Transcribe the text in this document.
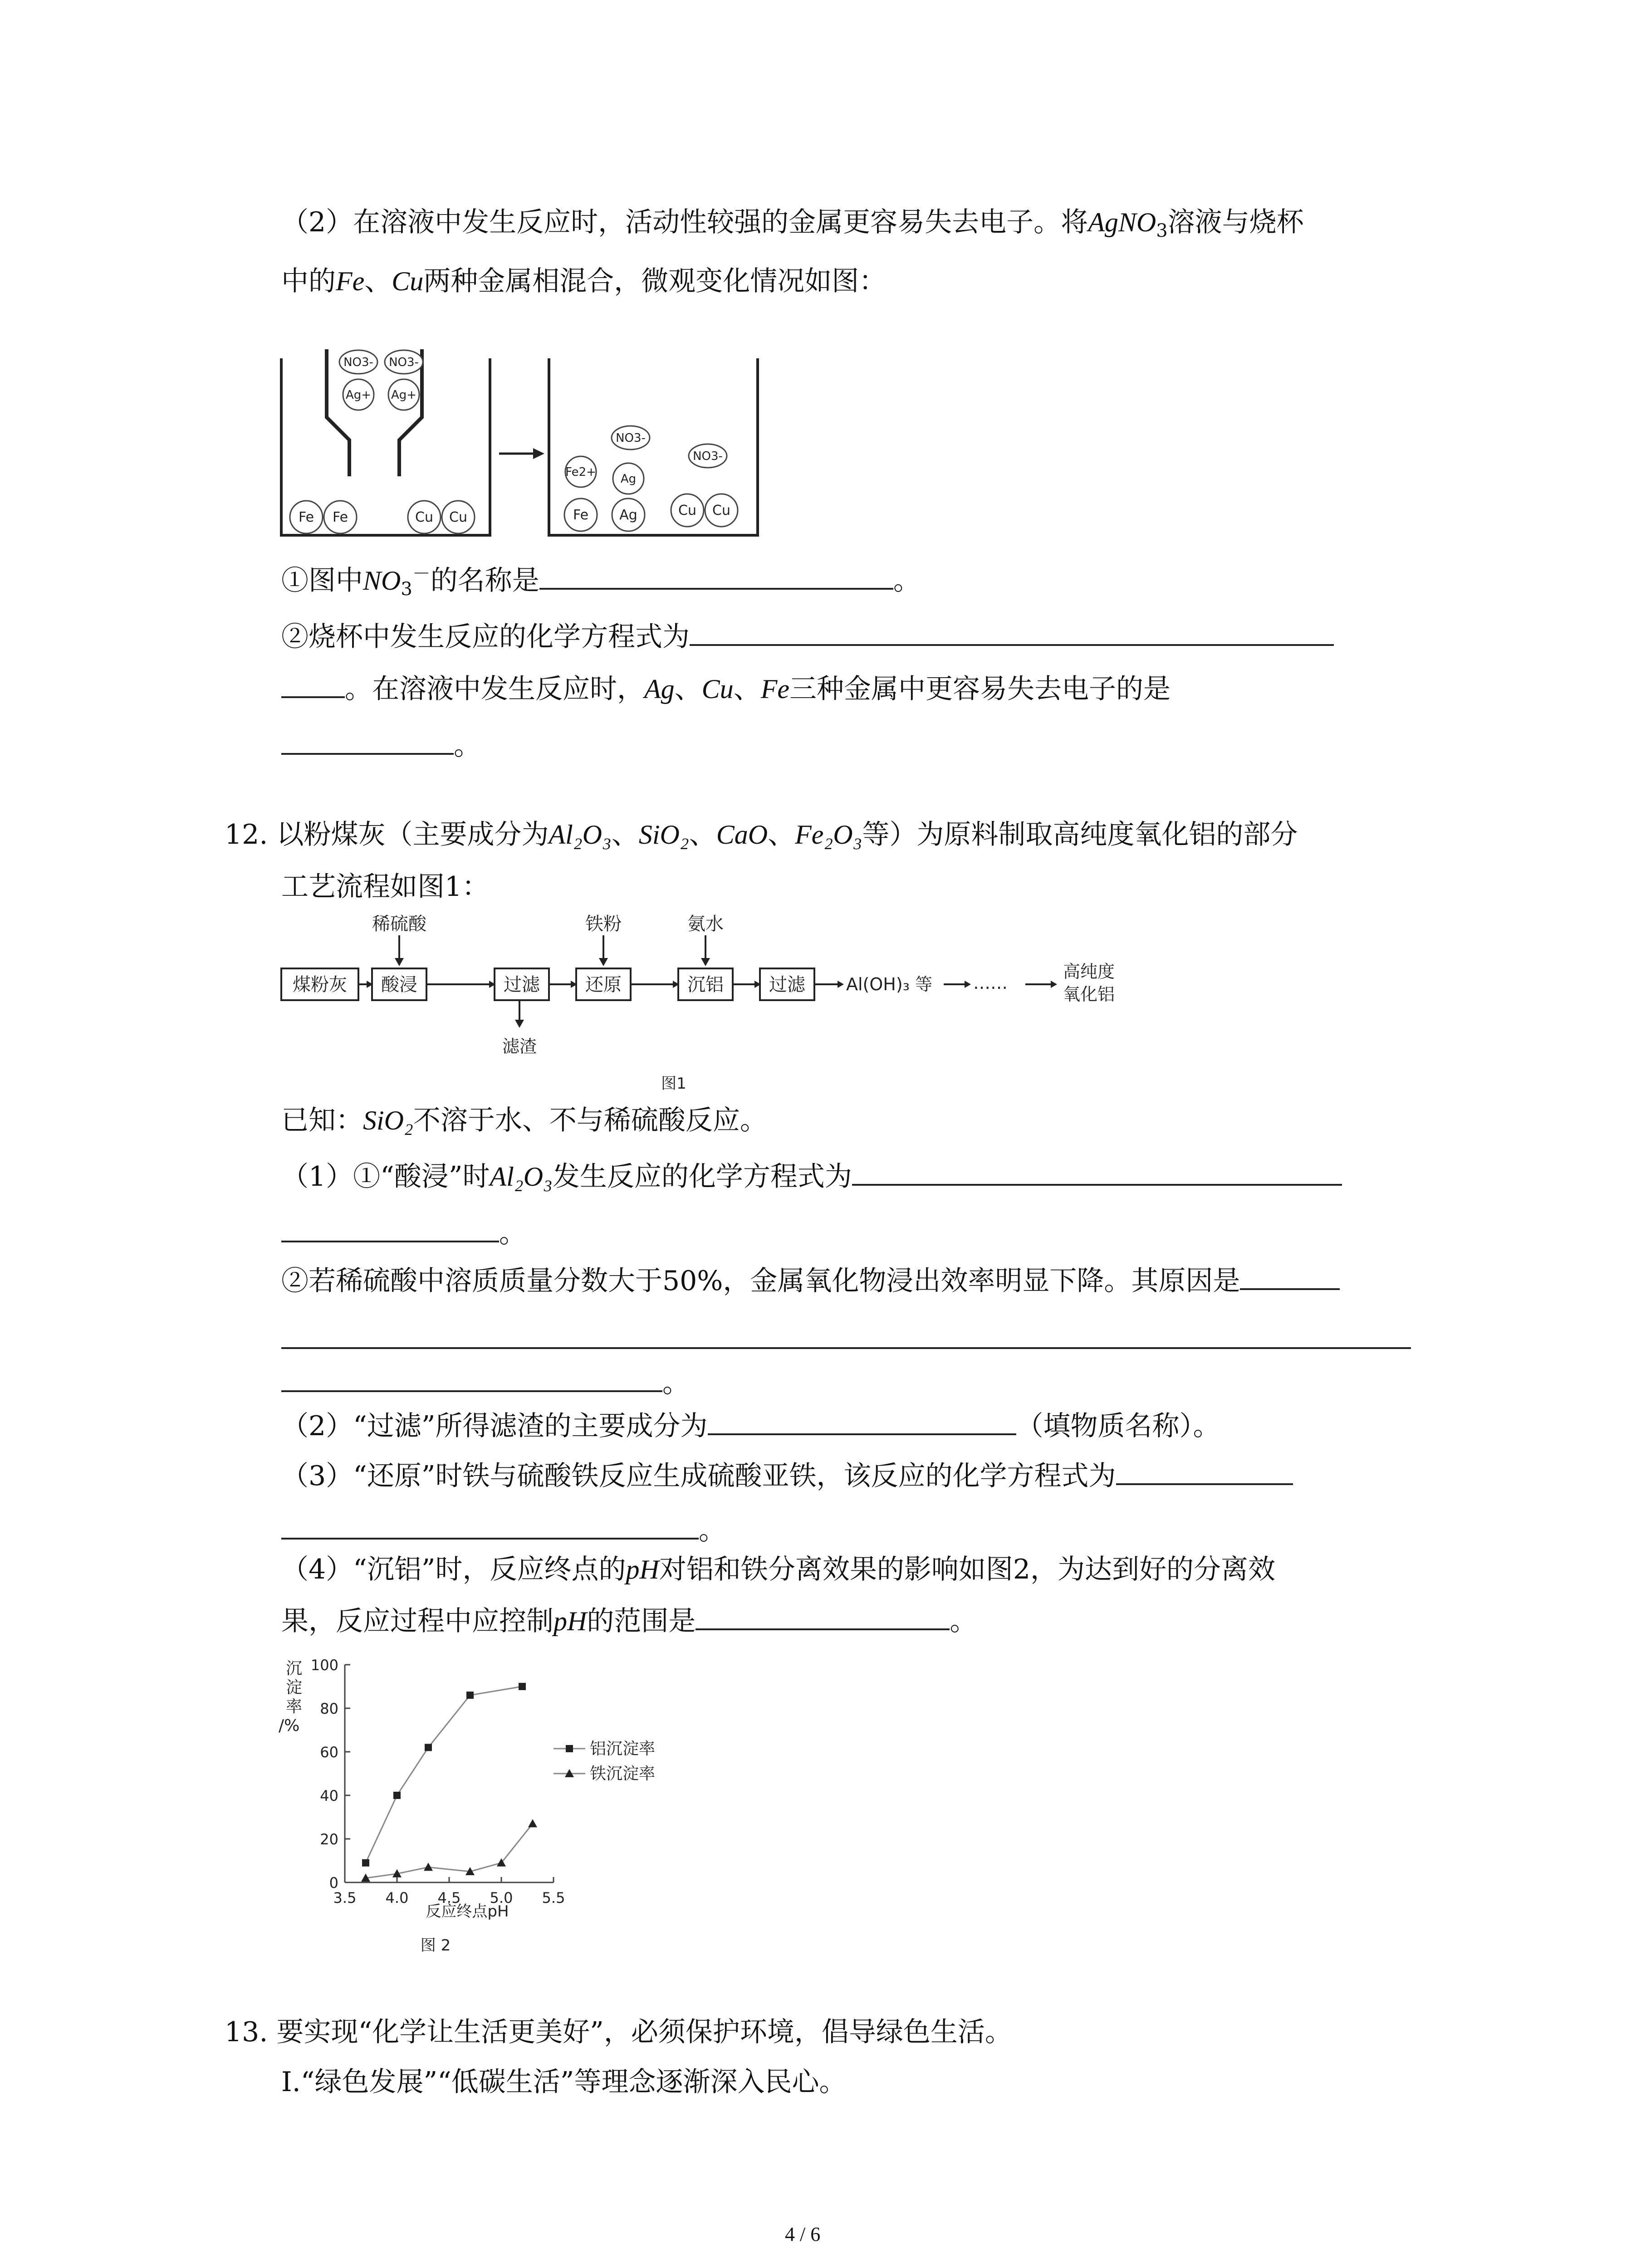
（2）在溶液中发生反应时，活动性较强的金属更容易失去电子。将AgNO$_3$溶液与烧杯
中的Fe、Cu两种金属相混合，微观变化情况如图：
NO3- NO3-
Ag+ Ag+
Fe Fe	Cu Cu
NO3-
NO3-
Fe2+ Ag
Fe Ag	Cu Cu
①图中$NO_3^-$的名称是	。
②烧杯中发生反应的化学方程式为
。在溶液中发生反应时，Ag、Cu、Fe三种金属中更容易失去电子的是
。
12. 以粉煤灰（主要成分为Al₂O₃、SiO₂、CaO、Fe₂O₃等）为原料制取高纯度氧化铝的部分
工艺流程如图1：
稀硫酸	铁粉	氨水
煤粉灰 酸浸	过滤	还原	沉铝	过滤 Al(OH)₃ 等 ……
高纯度
氧化铝
滤渣
图1
已知：SiO₂不溶于水、不与稀硫酸反应。
（1）①“酸浸”时Al₂O₃发生反应的化学方程式为
。
②若稀硫酸中溶质质量分数大于50%，金属氧化物浸出效率明显下降。其原因是
。
（2）“过滤”所得滤渣的主要成分为	（填物质名称）。
（3）“还原”时铁与硫酸铁反应生成硫酸亚铁，该反应的化学方程式为
。
（4）“沉铝”时，反应终点的pH对铝和铁分离效果的影响如图2，为达到好的分离效
果，反应过程中应控制pH的范围是	。
沉
淀
率
/%
0
20
40
60
80
100
3.5 4.0 4.5 5.0 5.5
铝沉淀率
铁沉淀率
反应终点pH
图 2
13. 要实现“化学让生活更美好”，必须保护环境，倡导绿色生活。
Ⅰ.“绿色发展”“低碳生活”等理念逐渐深入民心。
4 / 6
